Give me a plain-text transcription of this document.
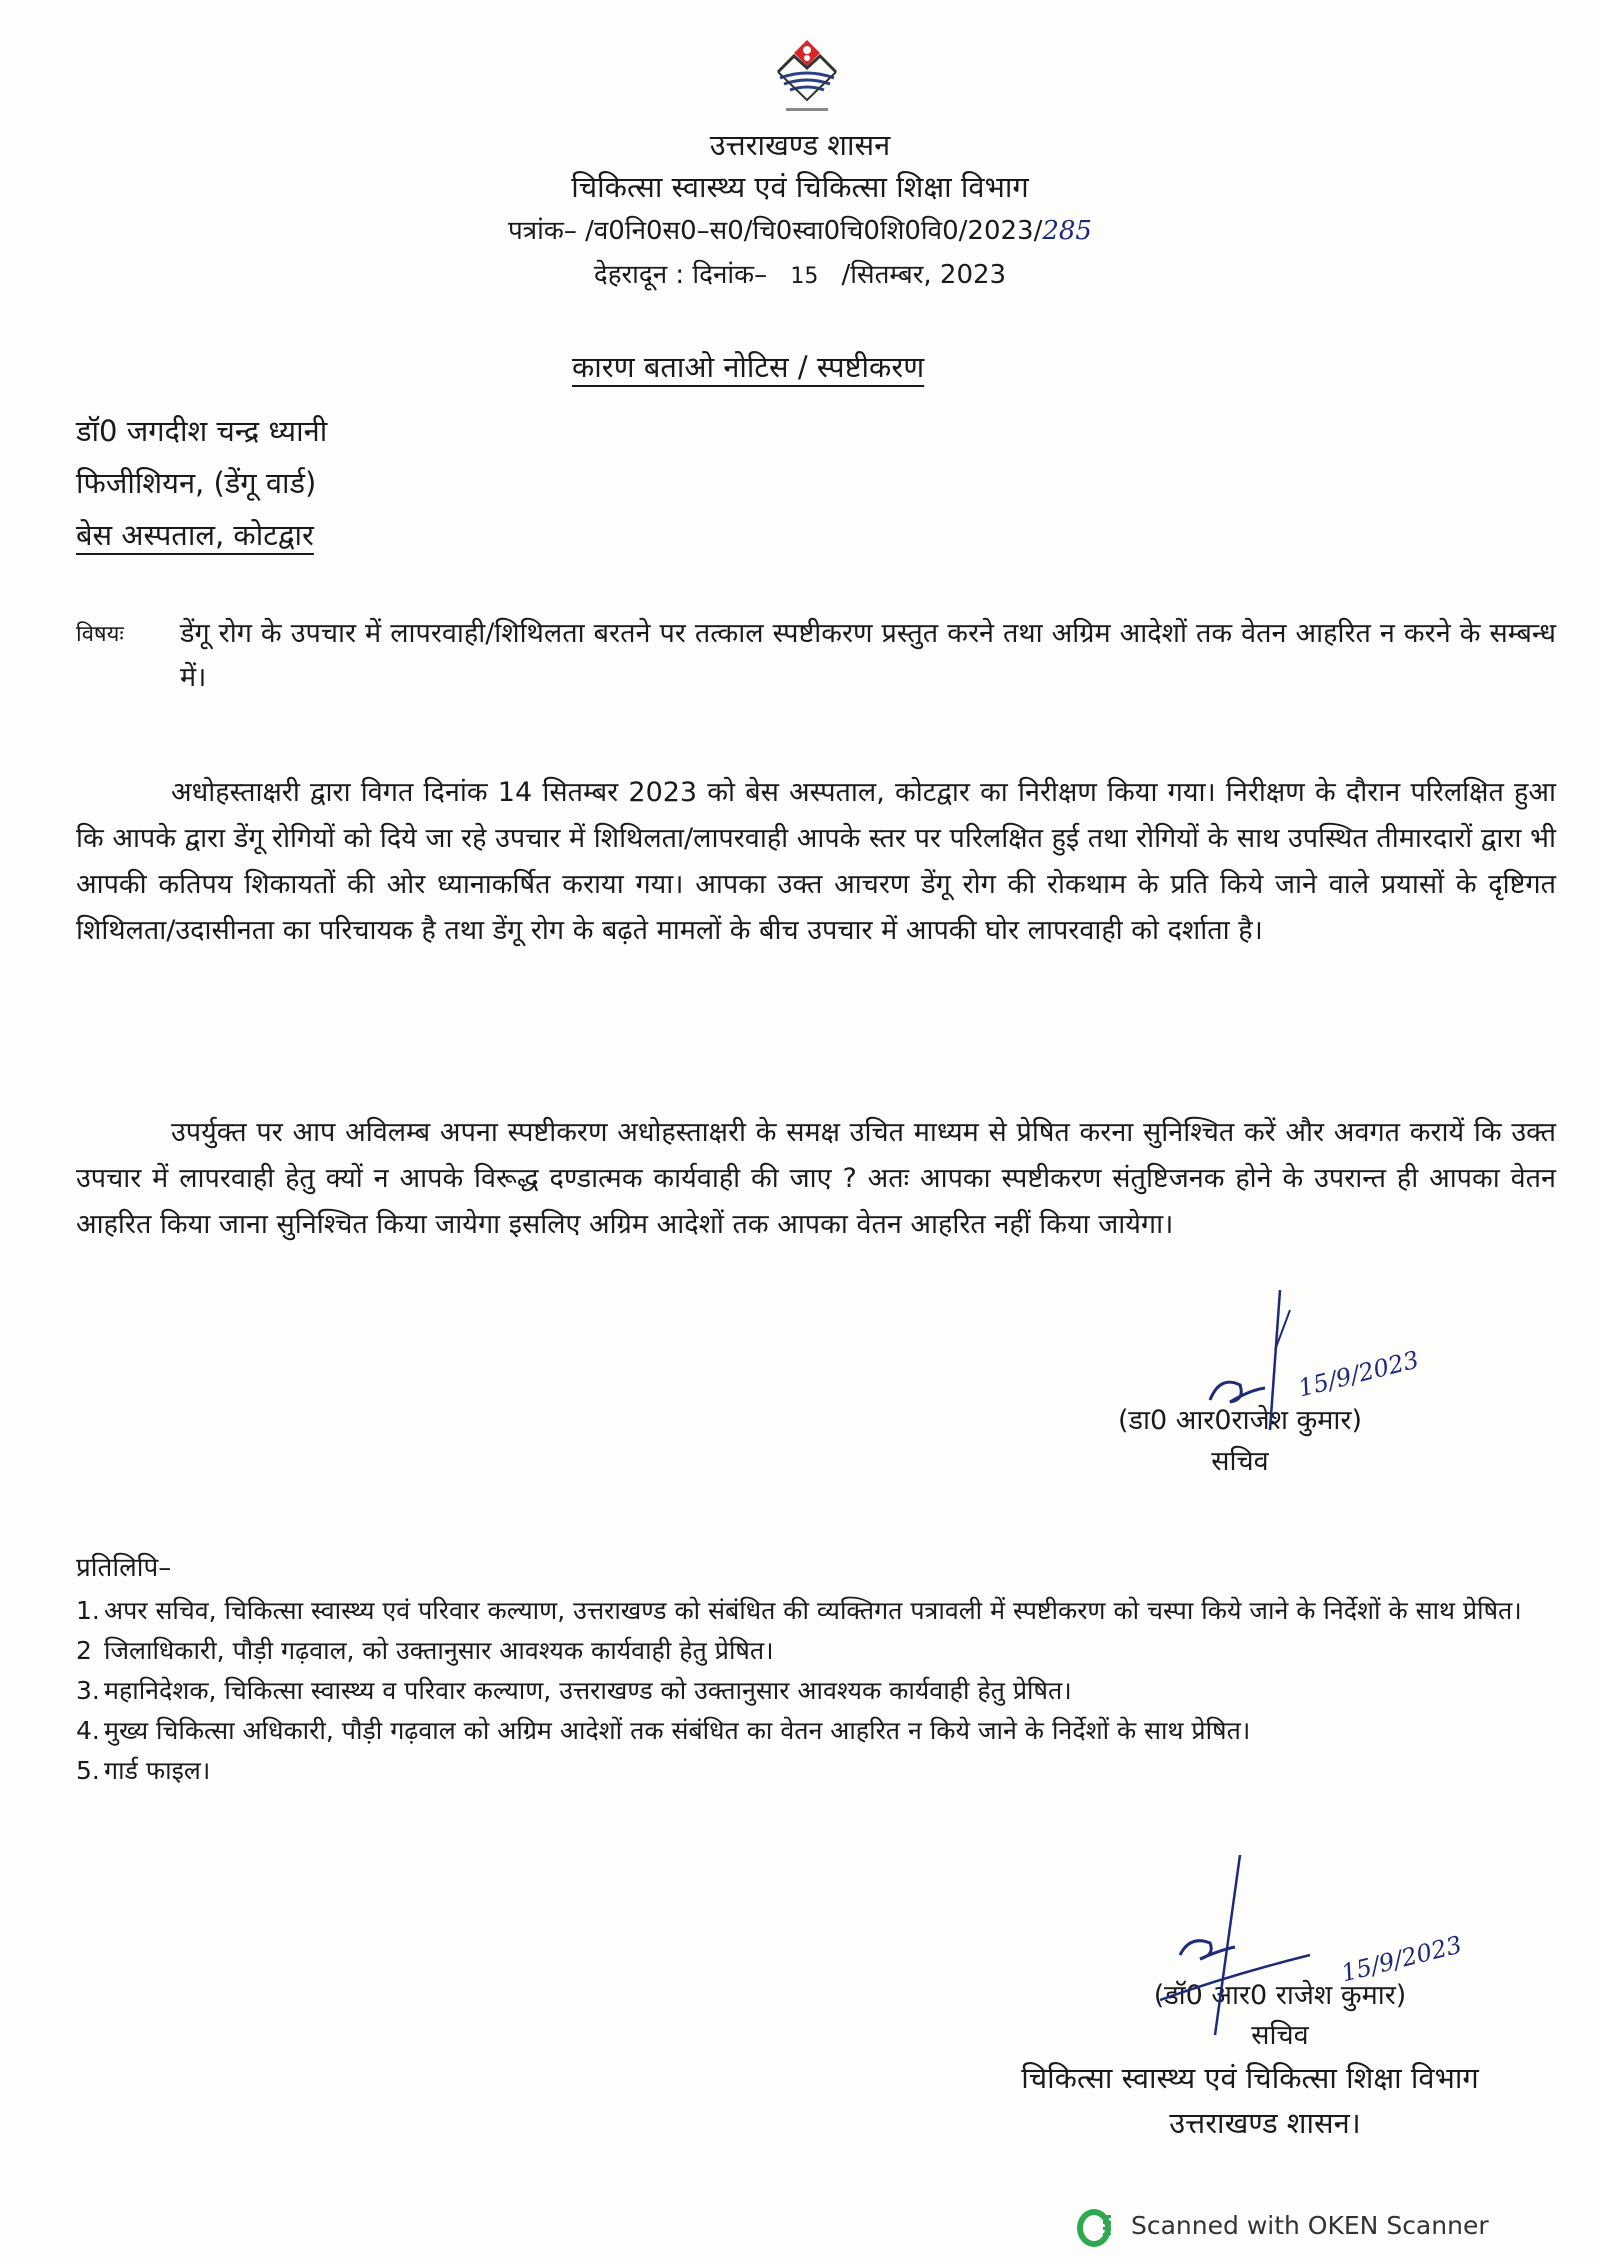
उत्तराखण्ड शासन
चिकित्सा स्वास्थ्य एवं चिकित्सा शिक्षा विभाग
पत्रांक– /व0नि0स0–स0/चि0स्वा0चि0शि0वि0/2023/285
देहरादून : दिनांक– 15 /सितम्बर, 2023
कारण बताओ नोटिस / स्पष्टीकरण
डॉ0 जगदीश चन्द्र ध्यानी
फिजीशियन, (डेंगू वार्ड)
बेस अस्पताल, कोटद्वार
विषयः	डेंगू रोग के उपचार में लापरवाही/शिथिलता बरतने पर तत्काल स्पष्टीकरण प्रस्तुत करने तथा अग्रिम आदेशों तक वेतन आहरित न करने के सम्बन्ध में।
अधोहस्ताक्षरी द्वारा विगत दिनांक 14 सितम्बर 2023 को बेस अस्पताल, कोटद्वार का निरीक्षण किया गया। निरीक्षण के दौरान परिलक्षित हुआ कि आपके द्वारा डेंगू रोगियों को दिये जा रहे उपचार में शिथिलता/लापरवाही आपके स्तर पर परिलक्षित हुई तथा रोगियों के साथ उपस्थित तीमारदारों द्वारा भी आपकी कतिपय शिकायतों की ओर ध्यानाकर्षित कराया गया। आपका उक्त आचरण डेंगू रोग की रोकथाम के प्रति किये जाने वाले प्रयासों के दृष्टिगत शिथिलता/उदासीनता का परिचायक है तथा डेंगू रोग के बढ़ते मामलों के बीच उपचार में आपकी घोर लापरवाही को दर्शाता है।
उपर्युक्त पर आप अविलम्ब अपना स्पष्टीकरण अधोहस्ताक्षरी के समक्ष उचित माध्यम से प्रेषित करना सुनिश्चित करें और अवगत करायें कि उक्त उपचार में लापरवाही हेतु क्यों न आपके विरूद्ध दण्डात्मक कार्यवाही की जाए ? अतः आपका स्पष्टीकरण संतुष्टिजनक होने के उपरान्त ही आपका वेतन आहरित किया जाना सुनिश्चित किया जायेगा इसलिए अग्रिम आदेशों तक आपका वेतन आहरित नहीं किया जायेगा।
15/9/2023
(डा0 आर0राजेश कुमार)
सचिव
प्रतिलिपि–
1. अपर सचिव, चिकित्सा स्वास्थ्य एवं परिवार कल्याण, उत्तराखण्ड को संबंधित की व्यक्तिगत पत्रावली में स्पष्टीकरण को चस्पा किये जाने के निर्देशों के साथ प्रेषित।
2 जिलाधिकारी, पौड़ी गढ़वाल, को उक्तानुसार आवश्यक कार्यवाही हेतु प्रेषित।
3. महानिदेशक, चिकित्सा स्वास्थ्य व परिवार कल्याण, उत्तराखण्ड को उक्तानुसार आवश्यक कार्यवाही हेतु प्रेषित।
4. मुख्य चिकित्सा अधिकारी, पौड़ी गढ़वाल को अग्रिम आदेशों तक संबंधित का वेतन आहरित न किये जाने के निर्देशों के साथ प्रेषित।
5. गार्ड फाइल।
15/9/2023
(डॉ0 आर0 राजेश कुमार)
सचिव
चिकित्सा स्वास्थ्य एवं चिकित्सा शिक्षा विभाग
उत्तराखण्ड शासन।
Scanned with OKEN Scanner
